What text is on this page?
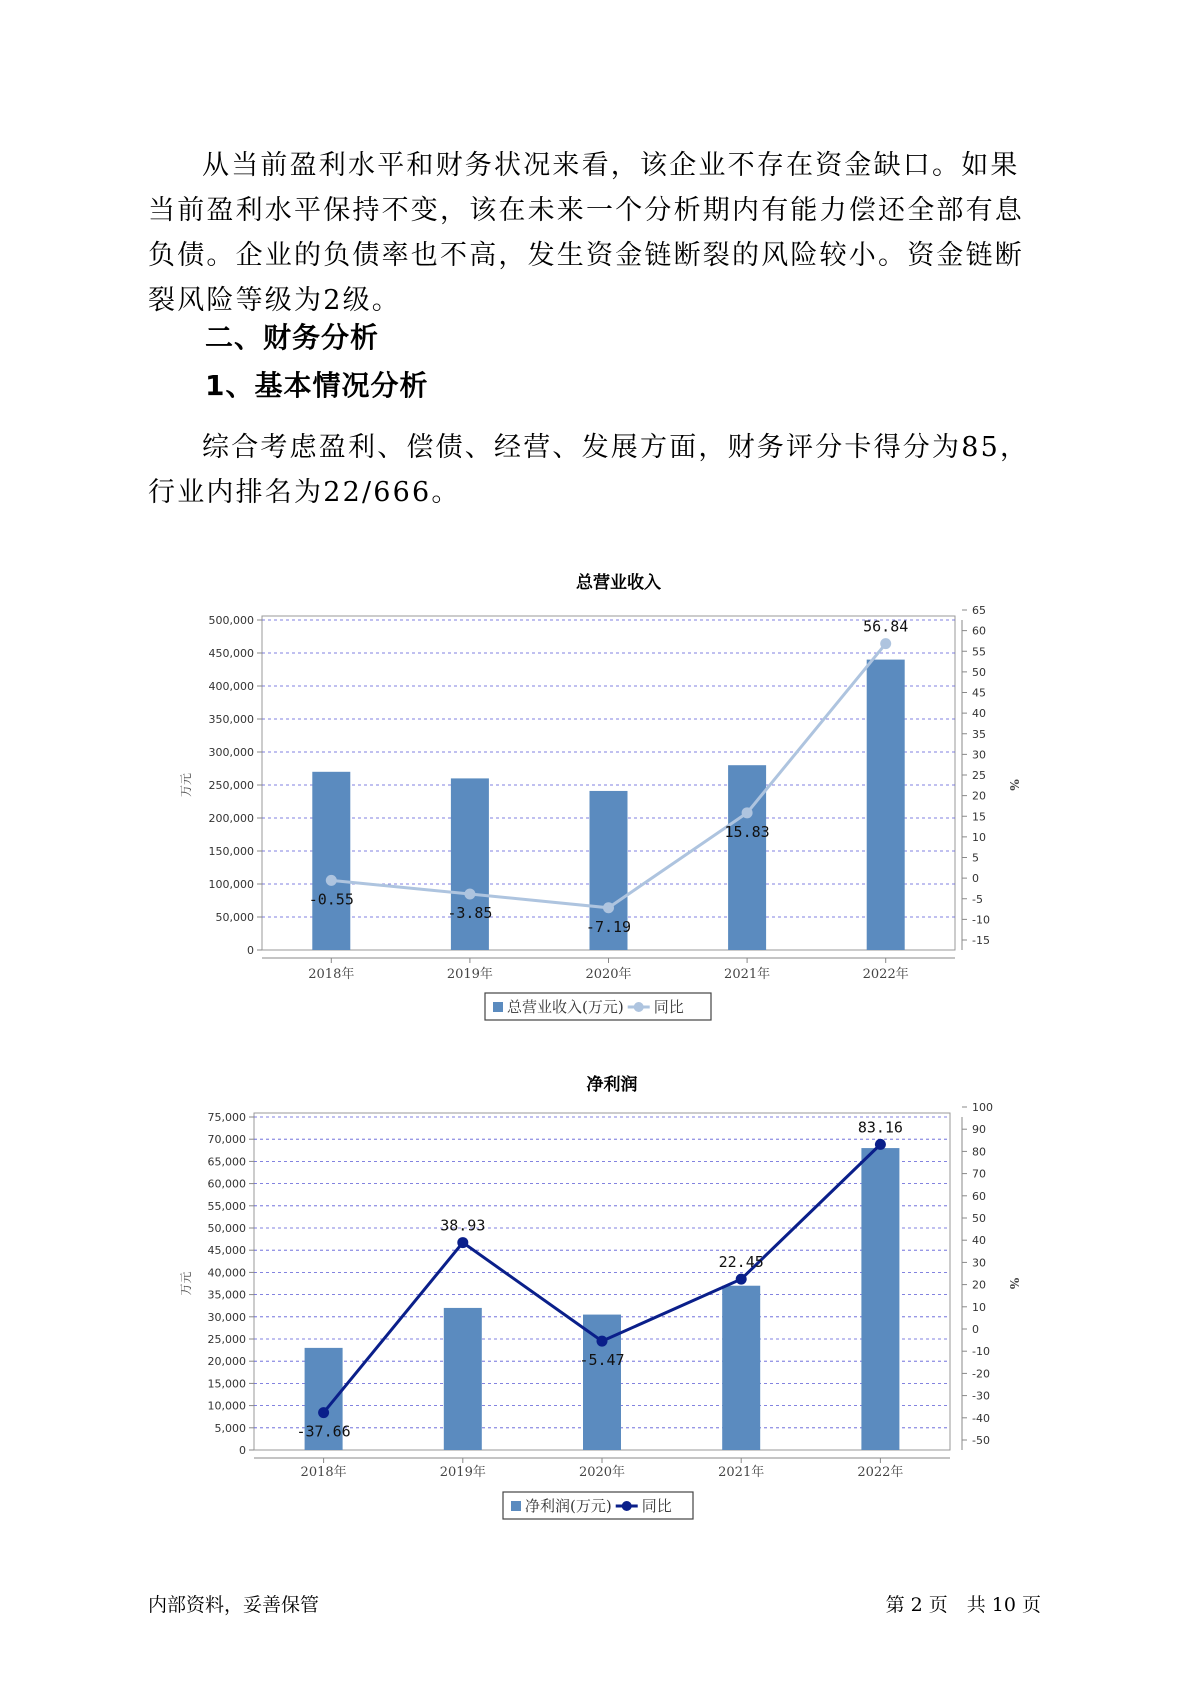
从当前盈利水平和财务状况来看，该企业不存在资金缺口。如果当前盈利水平保持不变，该在未来一个分析期内有能力偿还全部有息负债。企业的负债率也不高，发生资金链断裂的风险较小。资金链断裂风险等级为2级。

二、财务分析
1、基本情况分析

综合考虑盈利、偿债、经营、发展方面，财务评分卡得分为85，行业内排名为22/666。

总营业收入
0
50,000
100,000
150,000
200,000
250,000
300,000
350,000
400,000
450,000
500,000
-15
-10
-5
0
5
10
15
20
25
30
35
40
45
50
55
60
65
万元	%
2018年	2019年	2020年	2021年	2022年
-0.55
-3.85
-7.19
15.83
56.84
总营业收入(万元) 同比
净利润
0
5,000
10,000
15,000
20,000
25,000
30,000
35,000
40,000
45,000
50,000
55,000
60,000
65,000
70,000
75,000
-50
-40
-30
-20
-10
0
10
20
30
40
50
60
70
80
90
100
万元	%
2018年	2019年	2020年	2021年	2022年
-37.66
38.93
-5.47
22.45
83.16
净利润(万元) 同比
内部资料，妥善保管	第 2 页　共 10 页
